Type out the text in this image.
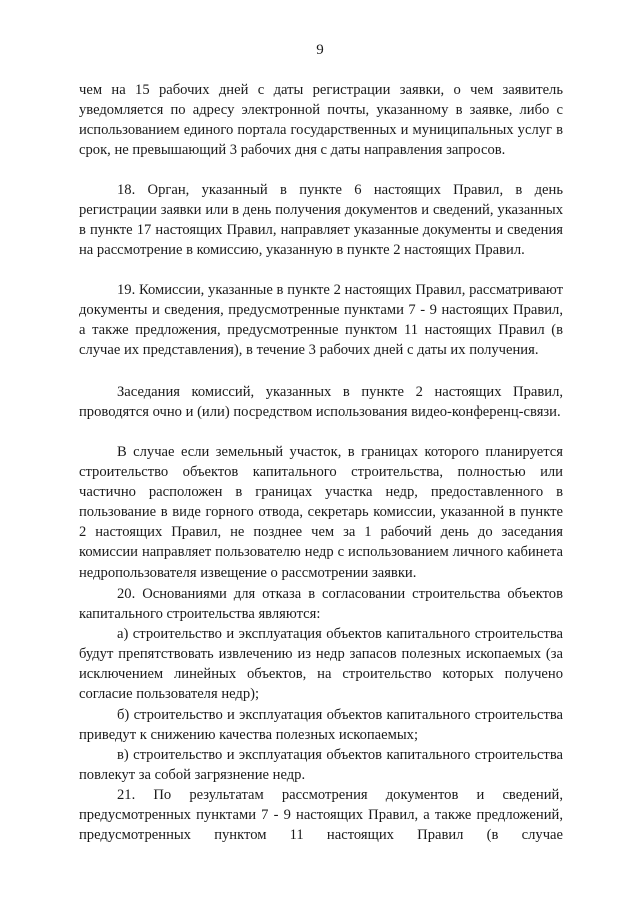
9

чем на 15 рабочих дней с даты регистрации заявки, о чем заявитель уведомляется по адресу электронной почты, указанному в заявке, либо с использованием единого портала государственных и муниципальных услуг в срок, не превышающий 3 рабочих дня с даты направления запросов.

18. Орган, указанный в пункте 6 настоящих Правил, в день регистрации заявки или в день получения документов и сведений, указанных в пункте 17 настоящих Правил, направляет указанные документы и сведения на рассмотрение в комиссию, указанную в пункте 2 настоящих Правил.

19. Комиссии, указанные в пункте 2 настоящих Правил, рассматривают документы и сведения, предусмотренные пунктами 7 - 9 настоящих Правил, а также предложения, предусмотренные пунктом 11 настоящих Правил (в случае их представления), в течение 3 рабочих дней с даты их получения.

Заседания комиссий, указанных в пункте 2 настоящих Правил, проводятся очно и (или) посредством использования видео-конференц-связи.

В случае если земельный участок, в границах которого планируется строительство объектов капитального строительства, полностью или частично расположен в границах участка недр, предоставленного в пользование в виде горного отвода, секретарь комиссии, указанной в пункте 2 настоящих Правил, не позднее чем за 1 рабочий день до заседания комиссии направляет пользователю недр с использованием личного кабинета недропользователя извещение о рассмотрении заявки.

20. Основаниями для отказа в согласовании строительства объектов капитального строительства являются:

а) строительство и эксплуатация объектов капитального строительства будут препятствовать извлечению из недр запасов полезных ископаемых (за исключением линейных объектов, на строительство которых получено согласие пользователя недр);

б) строительство и эксплуатация объектов капитального строительства приведут к снижению качества полезных ископаемых;

в) строительство и эксплуатация объектов капитального строительства повлекут за собой загрязнение недр.

21. По результатам рассмотрения документов и сведений, предусмотренных пунктами 7 - 9 настоящих Правил, а также предложений, предусмотренных пунктом 11 настоящих Правил (в случае
